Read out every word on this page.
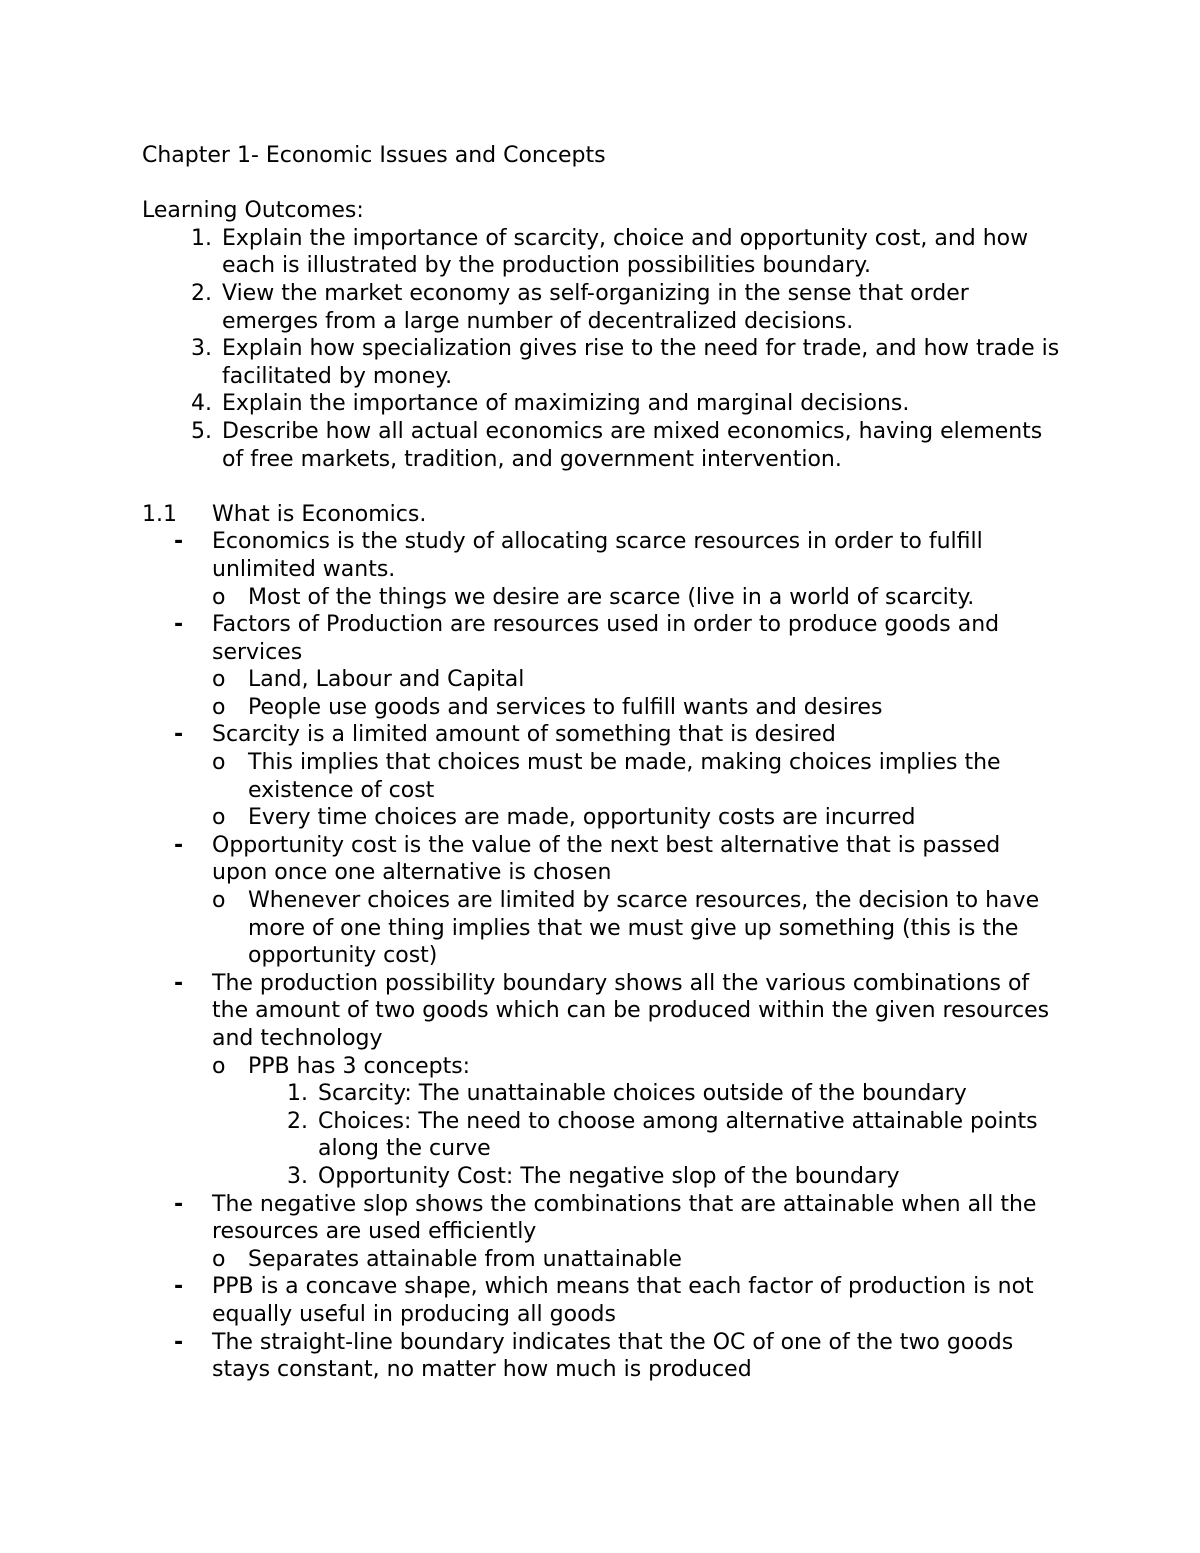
Chapter 1- Economic Issues and Concepts

Learning Outcomes:

1. Explain the importance of scarcity, choice and opportunity cost, and how each is illustrated by the production possibilities boundary.
2. View the market economy as self-organizing in the sense that order emerges from a large number of decentralized decisions.
3. Explain how specialization gives rise to the need for trade, and how trade is facilitated by money.
4. Explain the importance of maximizing and marginal decisions.
5. Describe how all actual economics are mixed economics, having elements of free markets, tradition, and government intervention.
1.1	What is Economics.
-	Economics is the study of allocating scarce resources in order to fulfill unlimited wants.
o	Most of the things we desire are scarce (live in a world of scarcity.
-	Factors of Production are resources used in order to produce goods and services
o	Land, Labour and Capital
o	People use goods and services to fulfill wants and desires
-	Scarcity is a limited amount of something that is desired
o	This implies that choices must be made, making choices implies the existence of cost
o	Every time choices are made, opportunity costs are incurred
-	Opportunity cost is the value of the next best alternative that is passed upon once one alternative is chosen
o	Whenever choices are limited by scarce resources, the decision to have more of one thing implies that we must give up something (this is the opportunity cost)
-	The production possibility boundary shows all the various combinations of the amount of two goods which can be produced within the given resources and technology
o	PPB has 3 concepts:
1. Scarcity: The unattainable choices outside of the boundary
2. Choices: The need to choose among alternative attainable points along the curve
3. Opportunity Cost: The negative slop of the boundary
-	The negative slop shows the combinations that are attainable when all the resources are used efficiently
o	Separates attainable from unattainable
-	PPB is a concave shape, which means that each factor of production is not equally useful in producing all goods
-	The straight-line boundary indicates that the OC of one of the two goods stays constant, no matter how much is produced
